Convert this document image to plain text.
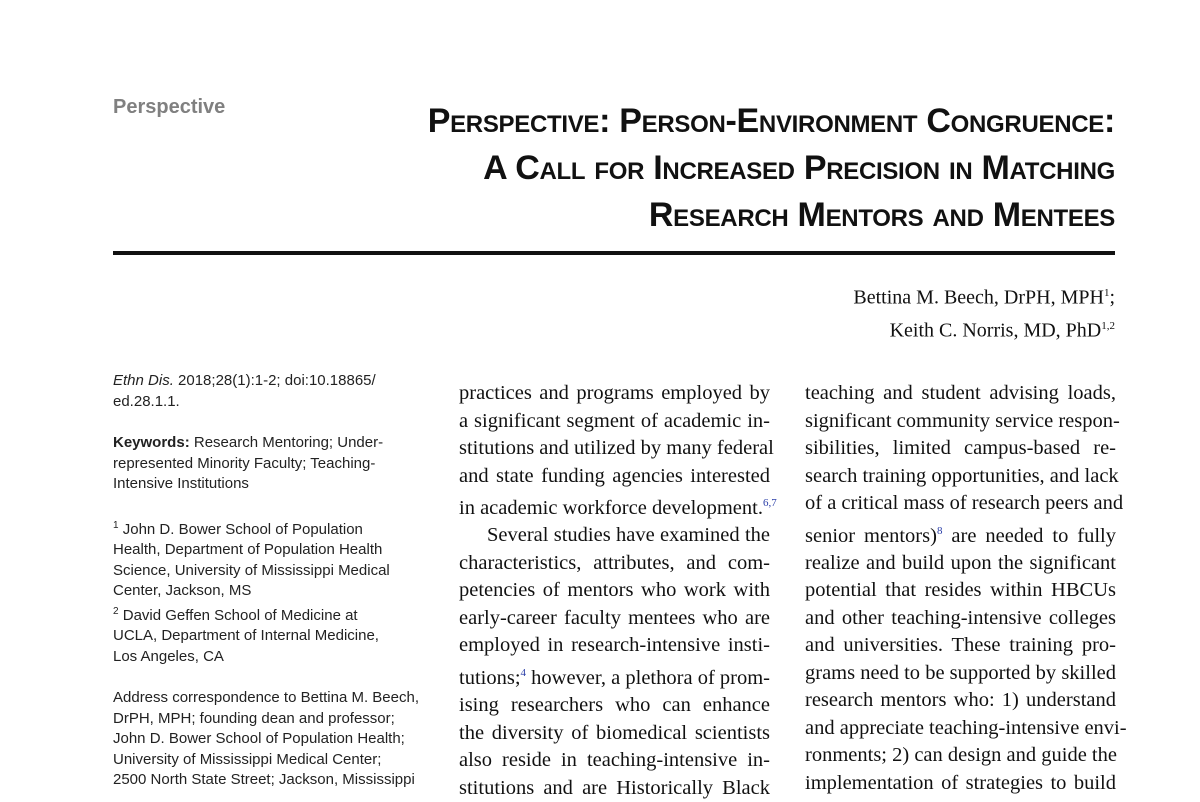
Perspective	Perspective: Person-Environment Congruence:
A Call for Increased Precision in Matching
Research Mentors and Mentees
Bettina M. Beech, DrPH, MPH$^1$;
Keith C. Norris, MD, PhD$^{1,2}$

Ethn Dis. 2018;28(1):1-2; doi:10.18865/
ed.28.1.1.

Keywords: Research Mentoring; Under-
represented Minority Faculty; Teaching-
Intensive Institutions

$^1$ John D. Bower School of Population
Health, Department of Population Health
Science, University of Mississippi Medical
Center, Jackson, MS

$^2$ David Geffen School of Medicine at
UCLA, Department of Internal Medicine,
Los Angeles, CA

Address correspondence to Bettina M. Beech,
DrPH, MPH; founding dean and professor;
John D. Bower School of Population Health;
University of Mississippi Medical Center;
2500 North State Street; Jackson, Mississippi

practices and programs employed by
a significant segment of academic in-
stitutions and utilized by many federal
and state funding agencies interested
in academic workforce development.$^{6,7}$
Several studies have examined the
characteristics, attributes, and com-
petencies of mentors who work with
early-career faculty mentees who are
employed in research-intensive insti-
tutions;$^4$ however, a plethora of prom-
ising researchers who can enhance
the diversity of biomedical scientists
also reside in teaching-intensive in-
stitutions and are Historically Black
teaching and student advising loads,
significant community service respon-
sibilities, limited campus-based re-
search training opportunities, and lack
of a critical mass of research peers and
senior mentors)$^8$ are needed to fully
realize and build upon the significant
potential that resides within HBCUs
and other teaching-intensive colleges
and universities. These training pro-
grams need to be supported by skilled
research mentors who: 1) understand
and appreciate teaching-intensive envi-
ronments; 2) can design and guide the
implementation of strategies to build
